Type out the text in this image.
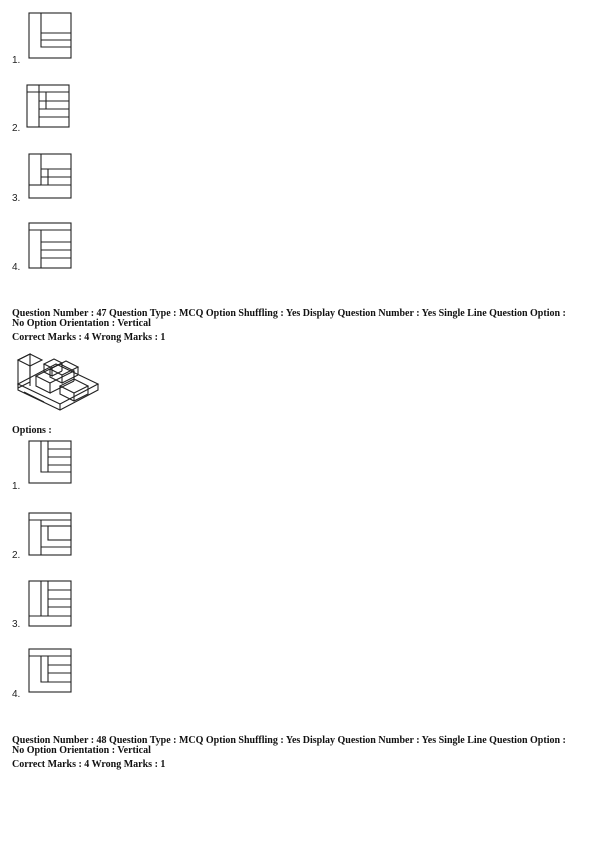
1.
2.
3.
4.
Question Number : 47 Question Type : MCQ Option Shuffling : Yes Display Question Number : Yes Single Line Question Option :
No Option Orientation : Vertical
Correct Marks : 4 Wrong Marks : 1
Options :
1.
2.
3.
4.
Question Number : 48 Question Type : MCQ Option Shuffling : Yes Display Question Number : Yes Single Line Question Option :
No Option Orientation : Vertical
Correct Marks : 4 Wrong Marks : 1
